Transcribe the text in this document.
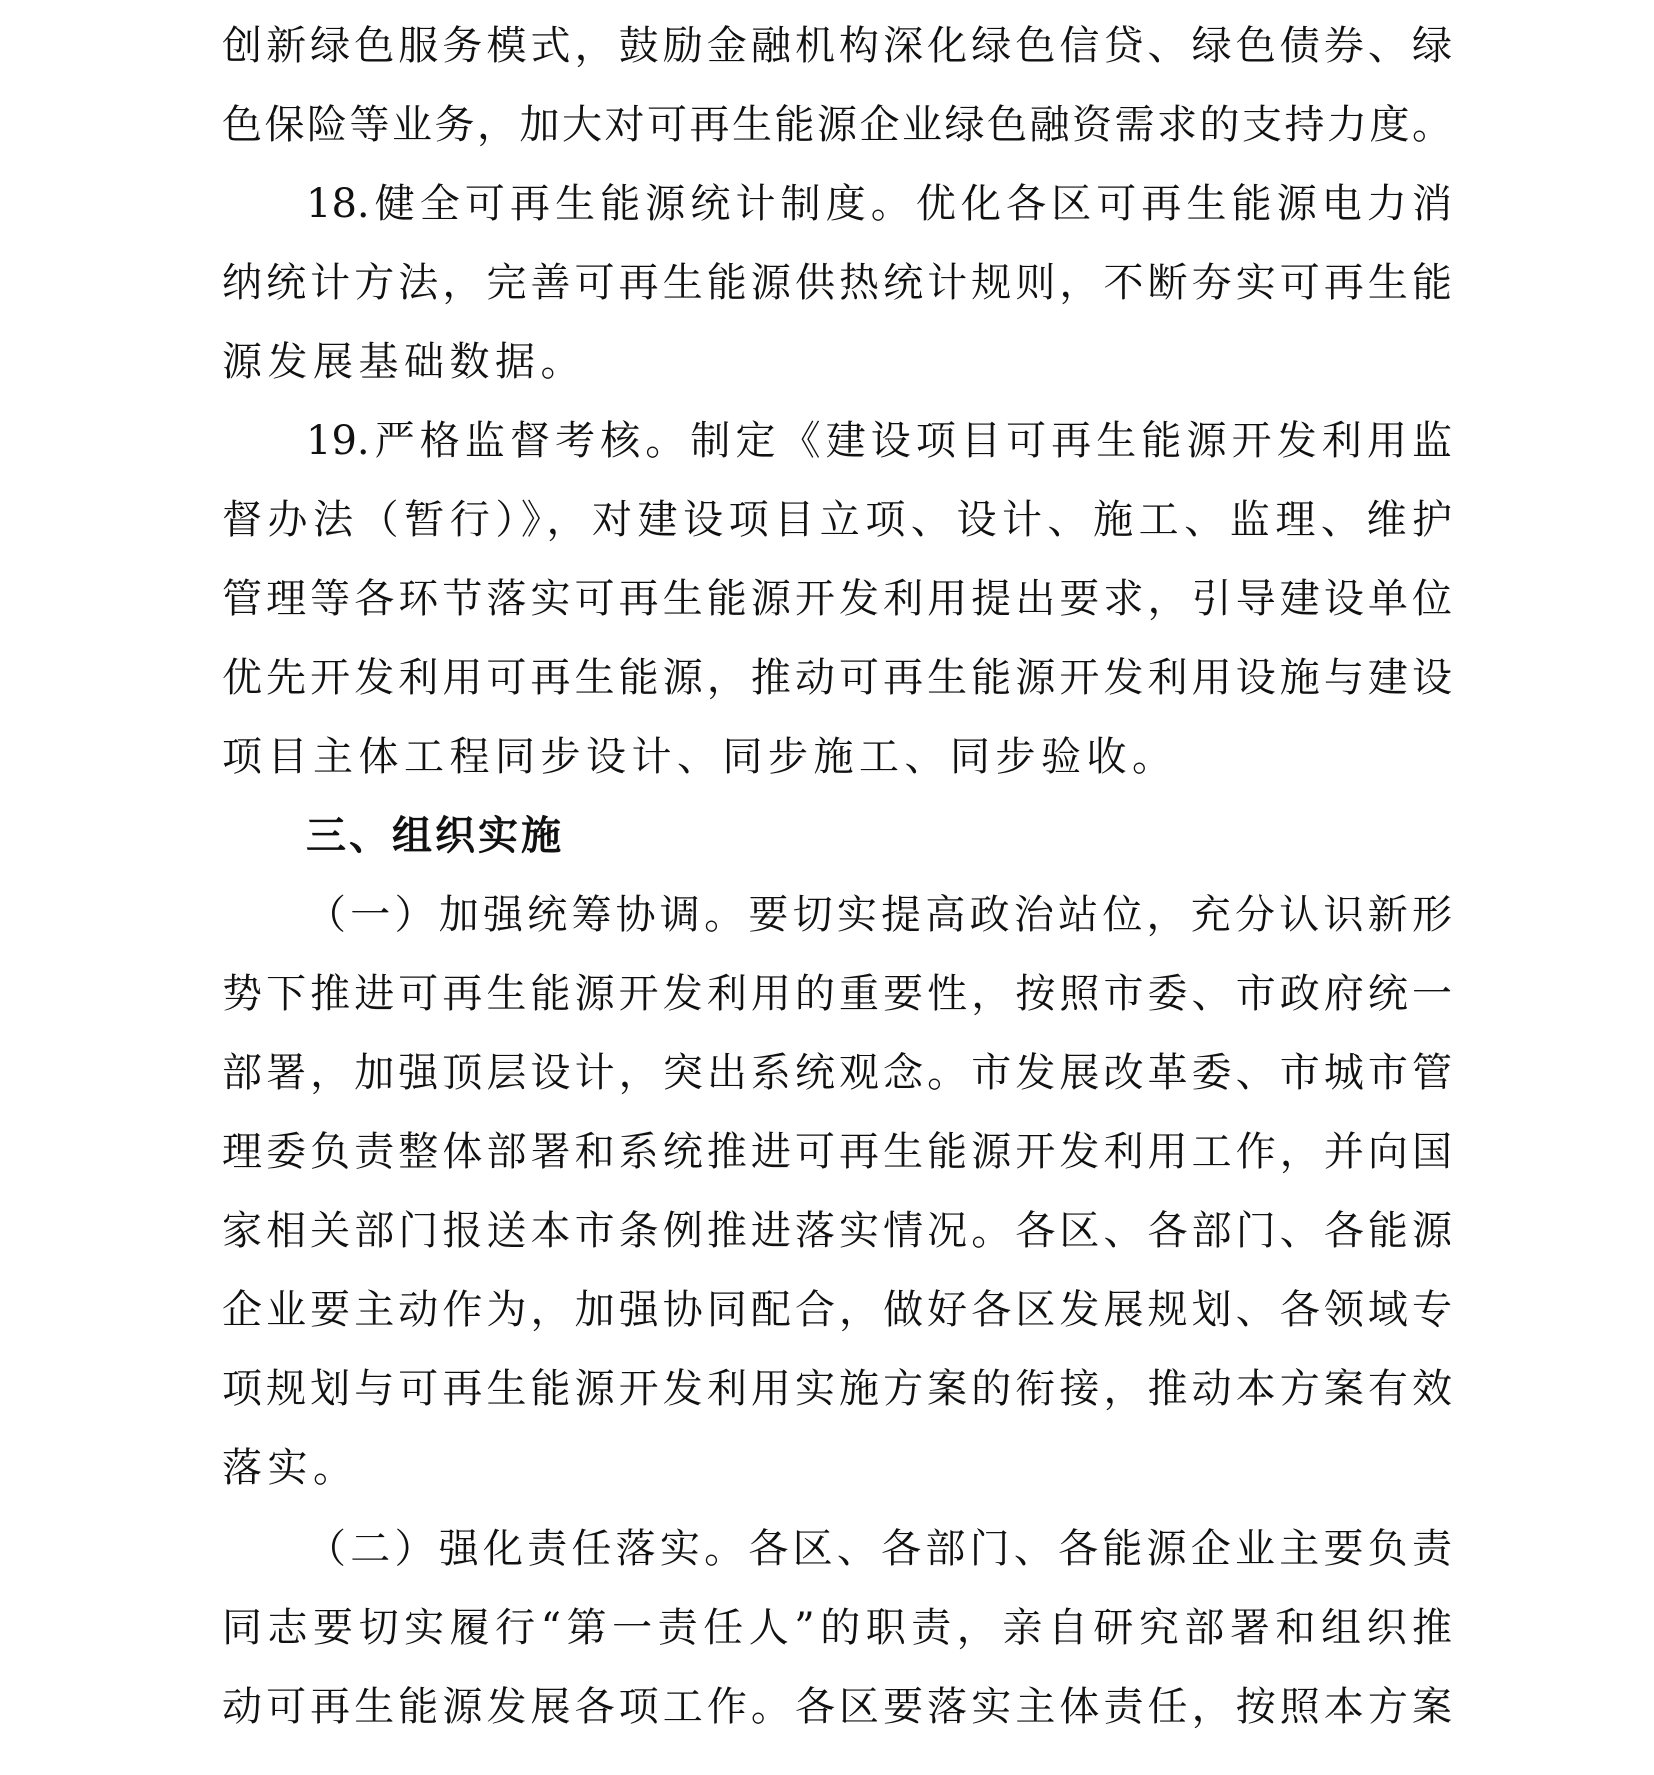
创新绿色服务模式，鼓励金融机构深化绿色信贷、绿色债券、绿
色保险等业务，加大对可再生能源企业绿色融资需求的支持力度。
18.健全可再生能源统计制度。优化各区可再生能源电力消
纳统计方法，完善可再生能源供热统计规则，不断夯实可再生能
源发展基础数据。
19.严格监督考核。制定《建设项目可再生能源开发利用监
督办法（暂行）》，对建设项目立项、设计、施工、监理、维护
管理等各环节落实可再生能源开发利用提出要求，引导建设单位
优先开发利用可再生能源，推动可再生能源开发利用设施与建设
项目主体工程同步设计、同步施工、同步验收。
三、组织实施
（一）加强统筹协调。要切实提高政治站位，充分认识新形
势下推进可再生能源开发利用的重要性，按照市委、市政府统一
部署，加强顶层设计，突出系统观念。市发展改革委、市城市管
理委负责整体部署和系统推进可再生能源开发利用工作，并向国
家相关部门报送本市条例推进落实情况。各区、各部门、各能源
企业要主动作为，加强协同配合，做好各区发展规划、各领域专
项规划与可再生能源开发利用实施方案的衔接，推动本方案有效
落实。
（二）强化责任落实。各区、各部门、各能源企业主要负责
同志要切实履行“第一责任人”的职责，亲自研究部署和组织推
动可再生能源发展各项工作。各区要落实主体责任，按照本方案
